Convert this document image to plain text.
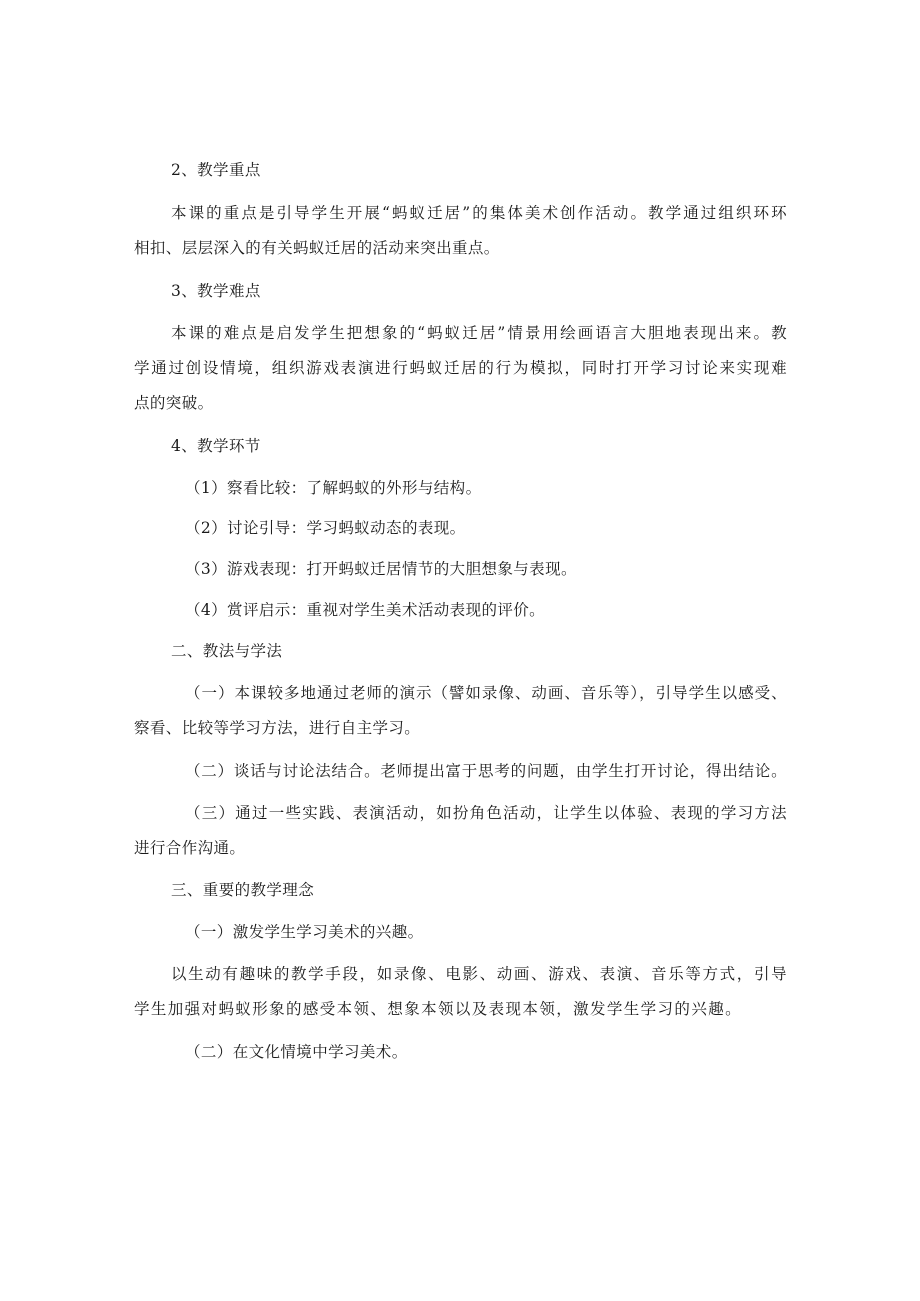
2、教学重点
本课的重点是引导学生开展“蚂蚁迁居”的集体美术创作活动。教学通过组织环环
相扣、层层深入的有关蚂蚁迁居的活动来突出重点。
3、教学难点
本课的难点是启发学生把想象的“蚂蚁迁居”情景用绘画语言大胆地表现出来。教
学通过创设情境，组织游戏表演进行蚂蚁迁居的行为模拟，同时打开学习讨论来实现难
点的突破。
4、教学环节
（1）察看比较：了解蚂蚁的外形与结构。
（2）讨论引导：学习蚂蚁动态的表现。
（3）游戏表现：打开蚂蚁迁居情节的大胆想象与表现。
（4）赏评启示：重视对学生美术活动表现的评价。
二、教法与学法
（一）本课较多地通过老师的演示（譬如录像、动画、音乐等），引导学生以感受、
察看、比较等学习方法，进行自主学习。
（二）谈话与讨论法结合。老师提出富于思考的问题，由学生打开讨论，得出结论。
（三）通过一些实践、表演活动，如扮角色活动，让学生以体验、表现的学习方法
进行合作沟通。
三、重要的教学理念
（一）激发学生学习美术的兴趣。
以生动有趣味的教学手段，如录像、电影、动画、游戏、表演、音乐等方式，引导
学生加强对蚂蚁形象的感受本领、想象本领以及表现本领，激发学生学习的兴趣。
（二）在文化情境中学习美术。
